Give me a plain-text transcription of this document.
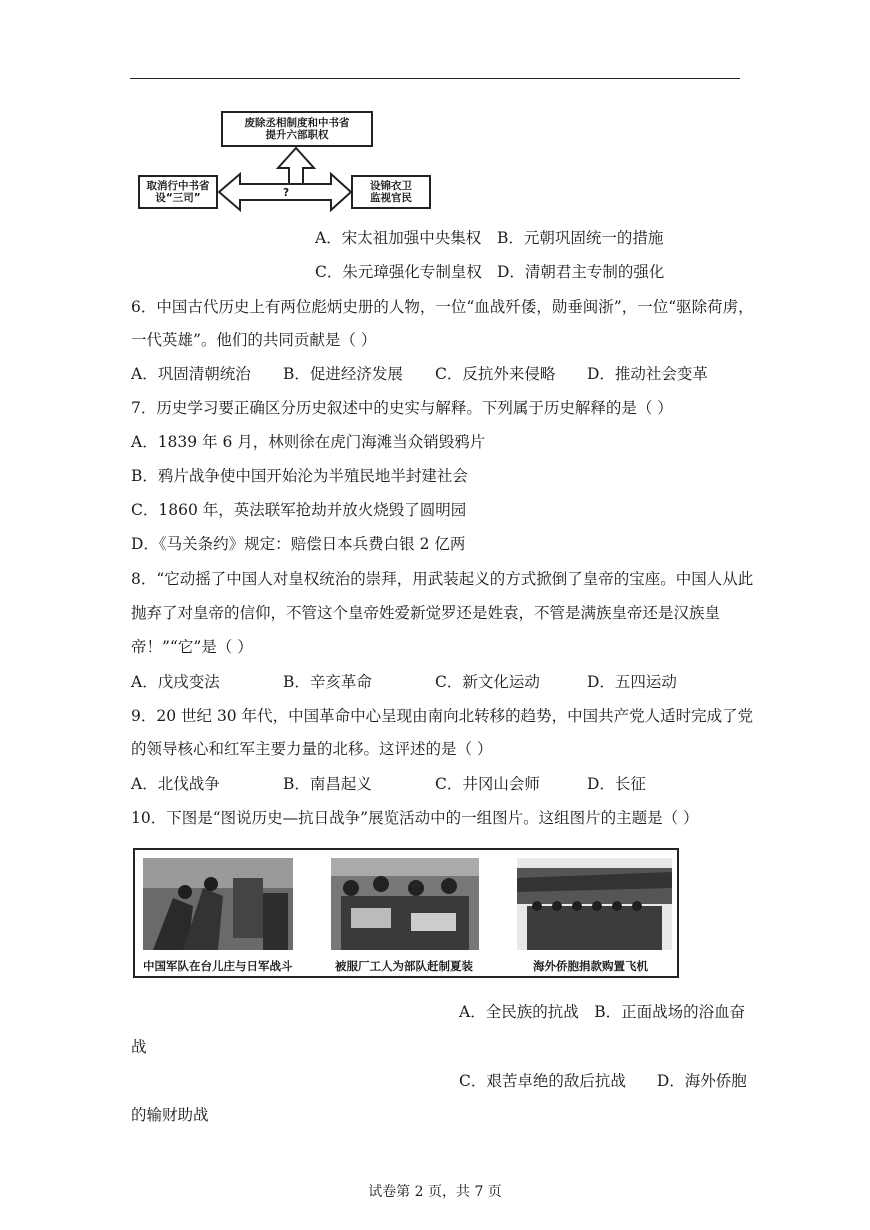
废除丞相制度和中书省
提升六部职权
取消行中书省
设“三司”
设锦衣卫
监视官民
?
A．宋太祖加强中央集权 B．元朝巩固统一的措施
C．朱元璋强化专制皇权 D．清朝君主专制的强化
6．中国古代历史上有两位彪炳史册的人物，一位“血战歼倭，勋垂闽浙”，一位“驱除荷虏，
一代英雄”。他们的共同贡献是（ ）
A．巩固清朝统治 B．促进经济发展 C．反抗外来侵略 D．推动社会变革
7．历史学习要正确区分历史叙述中的史实与解释。下列属于历史解释的是（ ）
A．1839 年 6 月，林则徐在虎门海滩当众销毁鸦片
B．鸦片战争使中国开始沦为半殖民地半封建社会
C．1860 年，英法联军抢劫并放火烧毁了圆明园
D．《马关条约》规定：赔偿日本兵费白银 2 亿两
8．“它动摇了中国人对皇权统治的崇拜，用武装起义的方式掀倒了皇帝的宝座。中国人从此
抛弃了对皇帝的信仰，不管这个皇帝姓爱新觉罗还是姓袁，不管是满族皇帝还是汉族皇
帝！”“它”是（ ）
A．戊戌变法	B．辛亥革命	C．新文化运动	D．五四运动
9．20 世纪 30 年代，中国革命中心呈现由南向北转移的趋势，中国共产党人适时完成了党
的领导核心和红军主要力量的北移。这评述的是（ ）
A．北伐战争	B．南昌起义	C．井冈山会师	D．长征
10．下图是“图说历史—抗日战争”展览活动中的一组图片。这组图片的主题是（ ）
中国军队在台儿庄与日军战斗	被服厂工人为部队赶制夏装	海外侨胞捐款购置飞机
A．全民族的抗战　B．正面战场的浴血奋
战
C．艰苦卓绝的敌后抗战　　D．海外侨胞
的输财助战
试卷第 2 页，共 7 页
